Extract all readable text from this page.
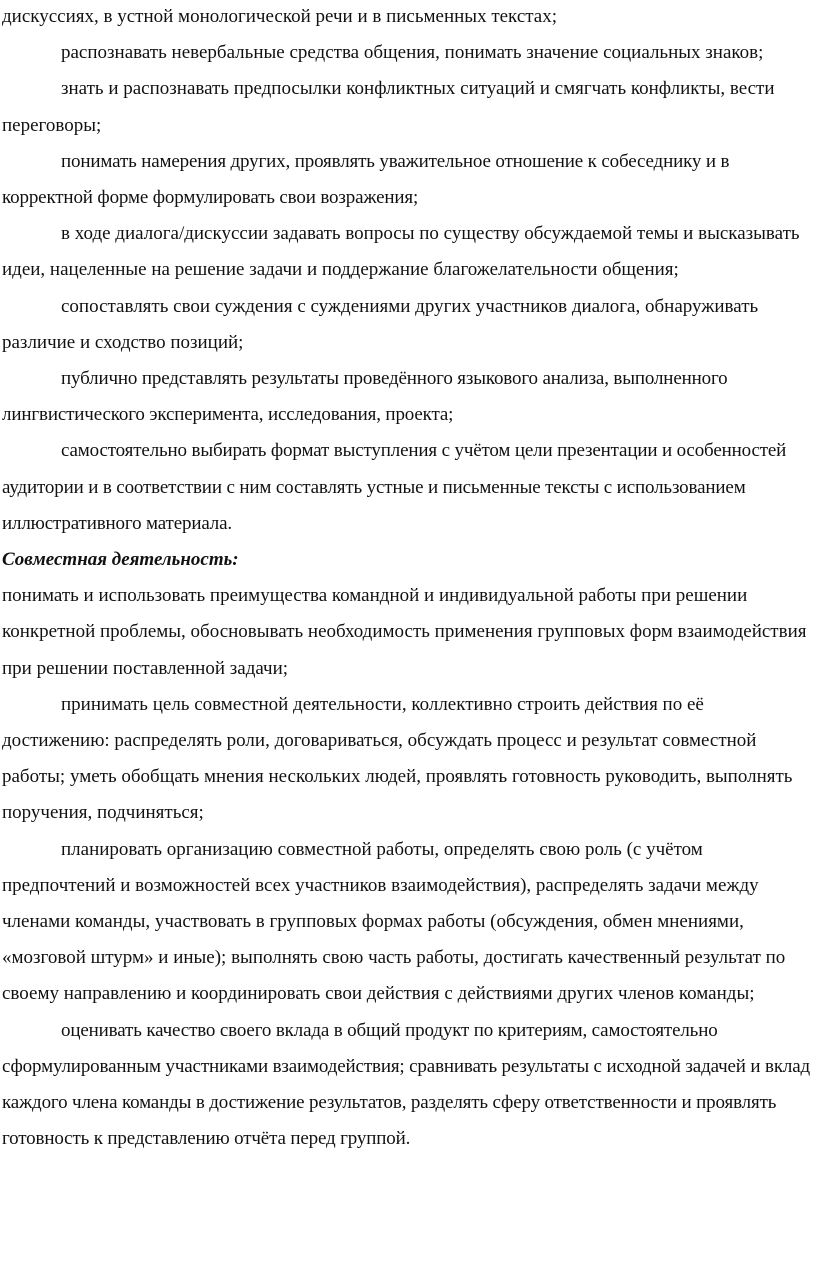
дискуссиях, в устной монологической речи и в письменных текстах;

распознавать невербальные средства общения, понимать значение социальных знаков;

знать и распознавать предпосылки конфликтных ситуаций и смягчать конфликты, вести переговоры;

понимать намерения других, проявлять уважительное отношение к собеседнику и в корректной форме формулировать свои возражения;

в ходе диалога/дискуссии задавать вопросы по существу обсуждаемой темы и высказывать идеи, нацеленные на решение задачи и поддержание благожелательности общения;

сопоставлять свои суждения с суждениями других участников диалога, обнаруживать различие и сходство позиций;

публично представлять результаты проведённого языкового анализа, выполненного лингвистического эксперимента, исследования, проекта;

самостоятельно выбирать формат выступления с учётом цели презентации и особенностей аудитории и в соответствии с ним составлять устные и письменные тексты с использованием иллюстративного материала.

Совместная деятельность:

понимать и использовать преимущества командной и индивидуальной работы при решении конкретной проблемы, обосновывать необходимость применения групповых форм взаимодействия при решении поставленной задачи;

принимать цель совместной деятельности, коллективно строить действия по её достижению: распределять роли, договариваться, обсуждать процесс и результат совместной работы; уметь обобщать мнения нескольких людей, проявлять готовность руководить, выполнять поручения, подчиняться;

планировать организацию совместной работы, определять свою роль (с учётом предпочтений и возможностей всех участников взаимодействия), распределять задачи между членами команды, участвовать в групповых формах работы (обсуждения, обмен мнениями, «мозговой штурм» и иные); выполнять свою часть работы, достигать качественный результат по своему направлению и координировать свои действия с действиями других членов команды;

оценивать качество своего вклада в общий продукт по критериям, самостоятельно сформулированным участниками взаимодействия; сравнивать результаты с исходной задачей и вклад каждого члена команды в достижение результатов, разделять сферу ответственности и проявлять готовность к представлению отчёта перед группой.
